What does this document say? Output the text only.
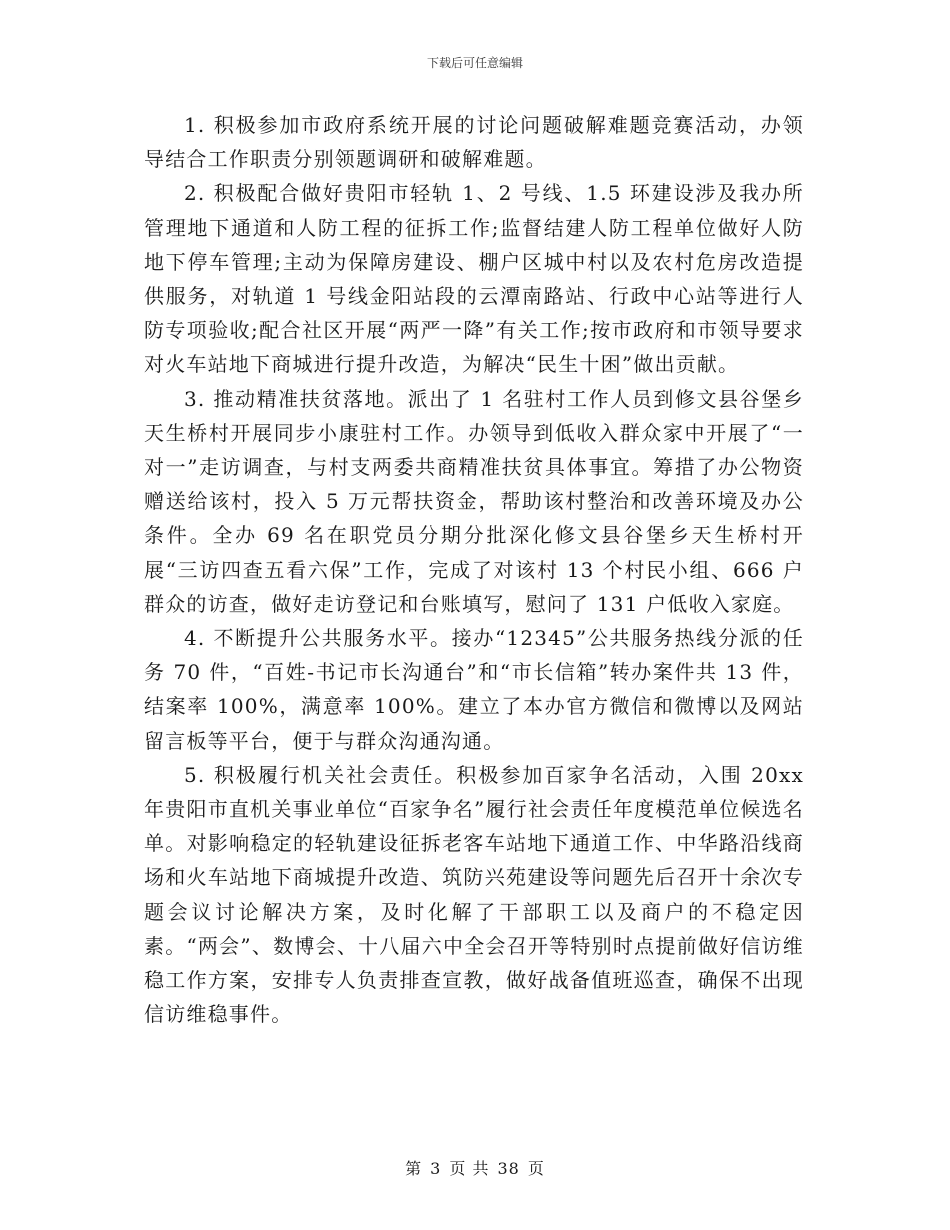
下载后可任意编辑

1. 积极参加市政府系统开展的讨论问题破解难题竞赛活动，办领导结合工作职责分别领题调研和破解难题。

2. 积极配合做好贵阳市轻轨 1、2 号线、1.5 环建设涉及我办所管理地下通道和人防工程的征拆工作;监督结建人防工程单位做好人防地下停车管理;主动为保障房建设、棚户区城中村以及农村危房改造提供服务，对轨道 1 号线金阳站段的云潭南路站、行政中心站等进行人防专项验收;配合社区开展“两严一降”有关工作;按市政府和市领导要求对火车站地下商城进行提升改造，为解决“民生十困”做出贡献。

3. 推动精准扶贫落地。派出了 1 名驻村工作人员到修文县谷堡乡天生桥村开展同步小康驻村工作。办领导到低收入群众家中开展了“一对一”走访调查，与村支两委共商精准扶贫具体事宜。筹措了办公物资赠送给该村，投入 5 万元帮扶资金，帮助该村整治和改善环境及办公条件。全办 69 名在职党员分期分批深化修文县谷堡乡天生桥村开展“三访四查五看六保”工作，完成了对该村 13 个村民小组、666 户群众的访查，做好走访登记和台账填写，慰问了 131 户低收入家庭。

4. 不断提升公共服务水平。接办“12345”公共服务热线分派的任务 70 件，“百姓-书记市长沟通台”和“市长信箱”转办案件共 13 件，结案率 100%，满意率 100%。建立了本办官方微信和微博以及网站留言板等平台，便于与群众沟通沟通。

5. 积极履行机关社会责任。积极参加百家争名活动，入围 20xx 年贵阳市直机关事业单位“百家争名”履行社会责任年度模范单位候选名单。对影响稳定的轻轨建设征拆老客车站地下通道工作、中华路沿线商场和火车站地下商城提升改造、筑防兴苑建设等问题先后召开十余次专题会议讨论解决方案，及时化解了干部职工以及商户的不稳定因素。“两会”、数博会、十八届六中全会召开等特别时点提前做好信访维稳工作方案，安排专人负责排查宣教，做好战备值班巡查，确保不出现信访维稳事件。

第 3 页 共 38 页
